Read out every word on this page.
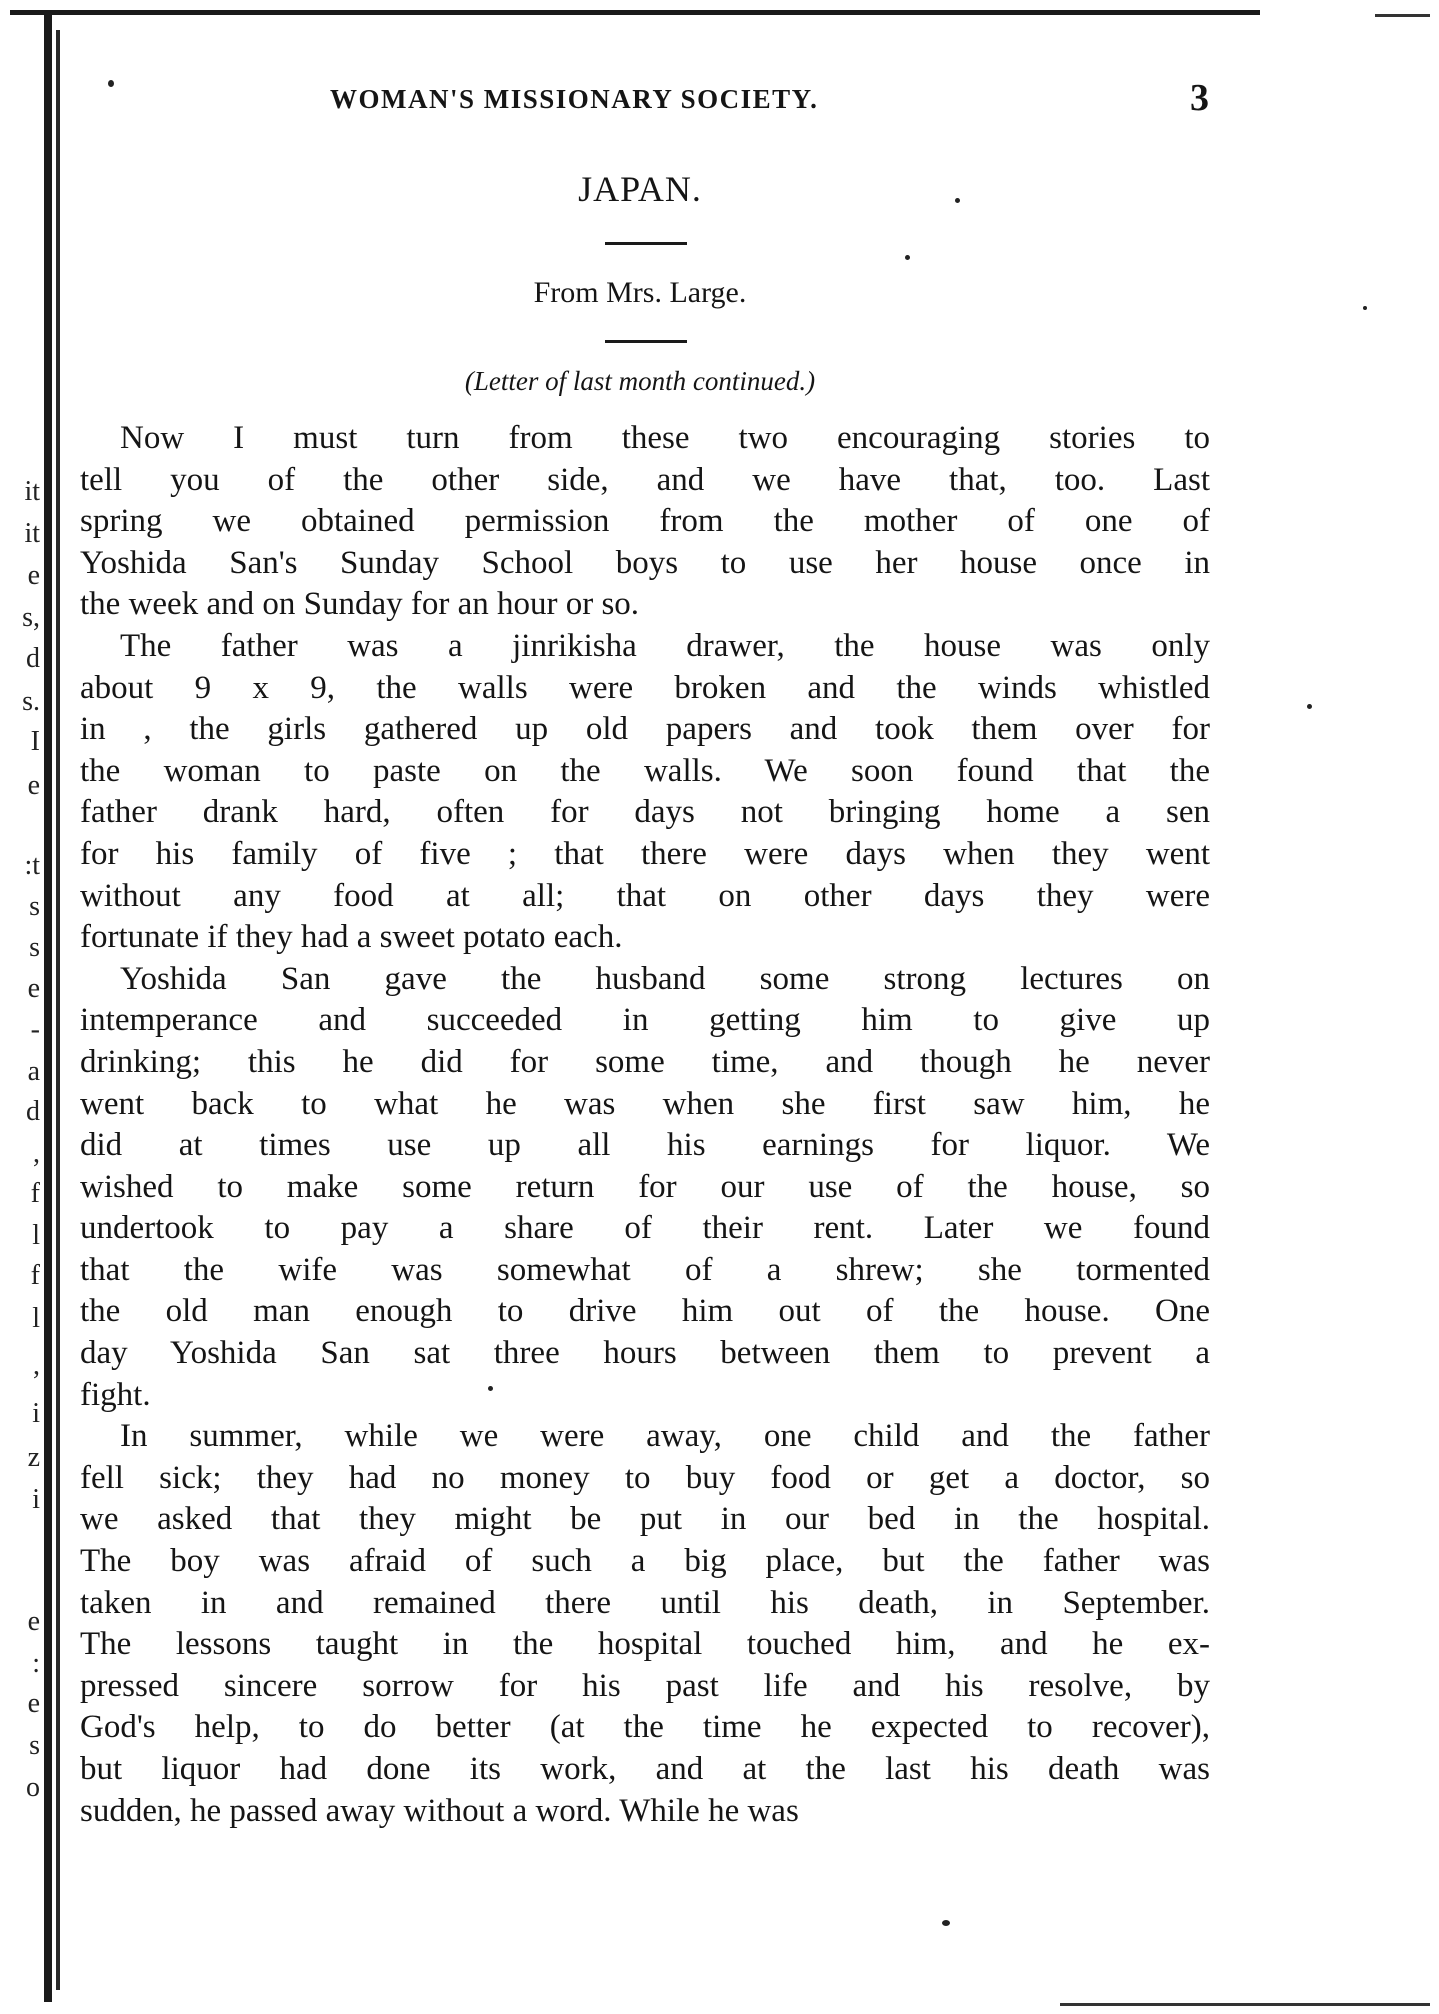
it
it
e
s,
d
s.
I
e
:t
s
s
e
-
a
d
,
f
l
f
l
,
i
z
i
e
:
e
s
o
WOMAN'S MISSIONARY SOCIETY.	3
JAPAN.
From Mrs. Large.
(Letter of last month continued.)
Now I must turn from these two encouraging stories to
tell you of the other side, and we have that, too. Last
spring we obtained permission from the mother of one of
Yoshida San's Sunday School boys to use her house once in
the week and on Sunday for an hour or so.
The father was a jinrikisha drawer, the house was only
about 9 x 9, the walls were broken and the winds whistled
in , the girls gathered up old papers and took them over for
the woman to paste on the walls. We soon found that the
father drank hard, often for days not bringing home a sen
for his family of five ; that there were days when they went
without any food at all; that on other days they were
fortunate if they had a sweet potato each.
Yoshida San gave the husband some strong lectures on
intemperance and succeeded in getting him to give up
drinking; this he did for some time, and though he never
went back to what he was when she first saw him, he
did at times use up all his earnings for liquor. We
wished to make some return for our use of the house, so
undertook to pay a share of their rent. Later we found
that the wife was somewhat of a shrew; she tormented
the old man enough to drive him out of the house. One
day Yoshida San sat three hours between them to prevent a
fight.
In summer, while we were away, one child and the father
fell sick; they had no money to buy food or get a doctor, so
we asked that they might be put in our bed in the hospital.
The boy was afraid of such a big place, but the father was
taken in and remained there until his death, in September.
The lessons taught in the hospital touched him, and he ex-
pressed sincere sorrow for his past life and his resolve, by
God's help, to do better (at the time he expected to recover),
but liquor had done its work, and at the last his death was
sudden, he passed away without a word. While he was
